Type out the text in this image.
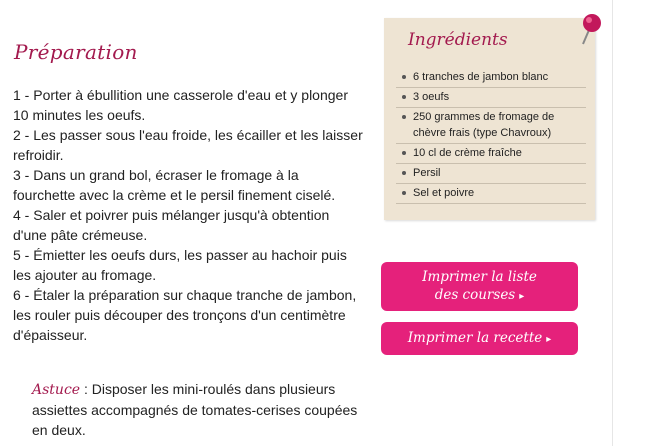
Préparation

1 - Porter à ébullition une casserole d'eau et y plonger 10 minutes les oeufs.

2 - Les passer sous l'eau froide, les écailler et les laisser refroidir.

3 - Dans un grand bol, écraser le fromage à la fourchette avec la crème et le persil finement ciselé.

4 - Saler et poivrer puis mélanger jusqu'à obtention d'une pâte crémeuse.

5 - Émietter les oeufs durs, les passer au hachoir puis les ajouter au fromage.

6 - Étaler la préparation sur chaque tranche de jambon, les rouler puis découper des tronçons d'un centimètre d'épaisseur.

Astuce : Disposer les mini-roulés dans plusieurs assiettes accompagnés de tomates-cerises coupées en deux.
Ingrédients
6 tranches de jambon blanc
3 oeufs
250 grammes de fromage de chèvre frais (type Chavroux)
10 cl de crème fraîche
Persil
Sel et poivre
Imprimer la liste
des courses ▸
Imprimer la recette ▸
